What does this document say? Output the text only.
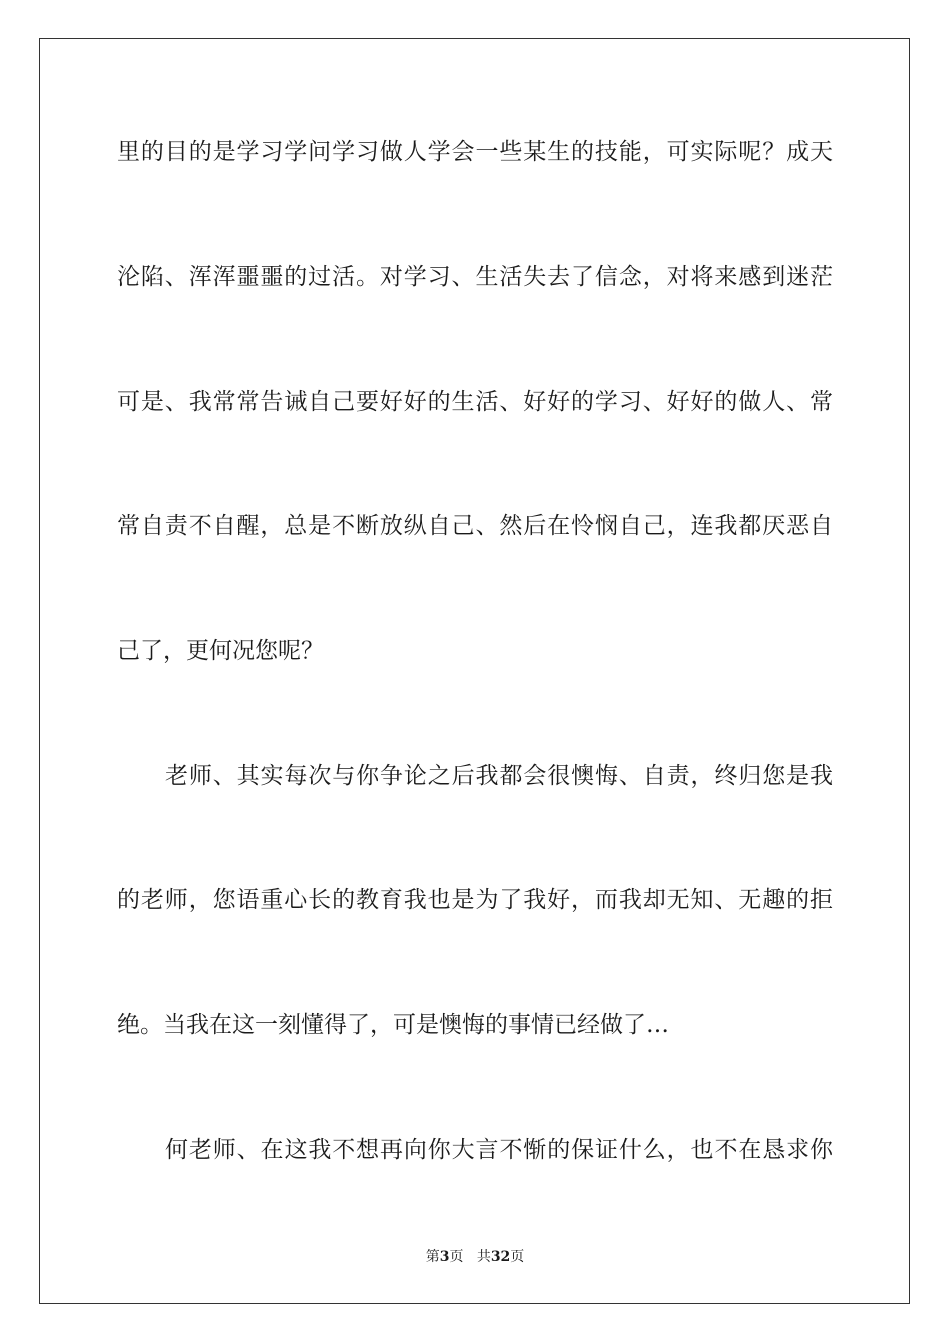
里的目的是学习学问学习做人学会一些某生的技能，可实际呢？成天
沦陷、浑浑噩噩的过活。对学习、生活失去了信念，对将来感到迷茫
可是、我常常告诫自己要好好的生活、好好的学习、好好的做人、常
常自责不自醒，总是不断放纵自己、然后在怜悯自己，连我都厌恶自
己了，更何况您呢？
老师、其实每次与你争论之后我都会很懊悔、自责，终归您是我
的老师，您语重心长的教育我也是为了我好，而我却无知、无趣的拒
绝。当我在这一刻懂得了，可是懊悔的事情已经做了…
何老师、在这我不想再向你大言不惭的保证什么，也不在恳求你
第3页 共32页
